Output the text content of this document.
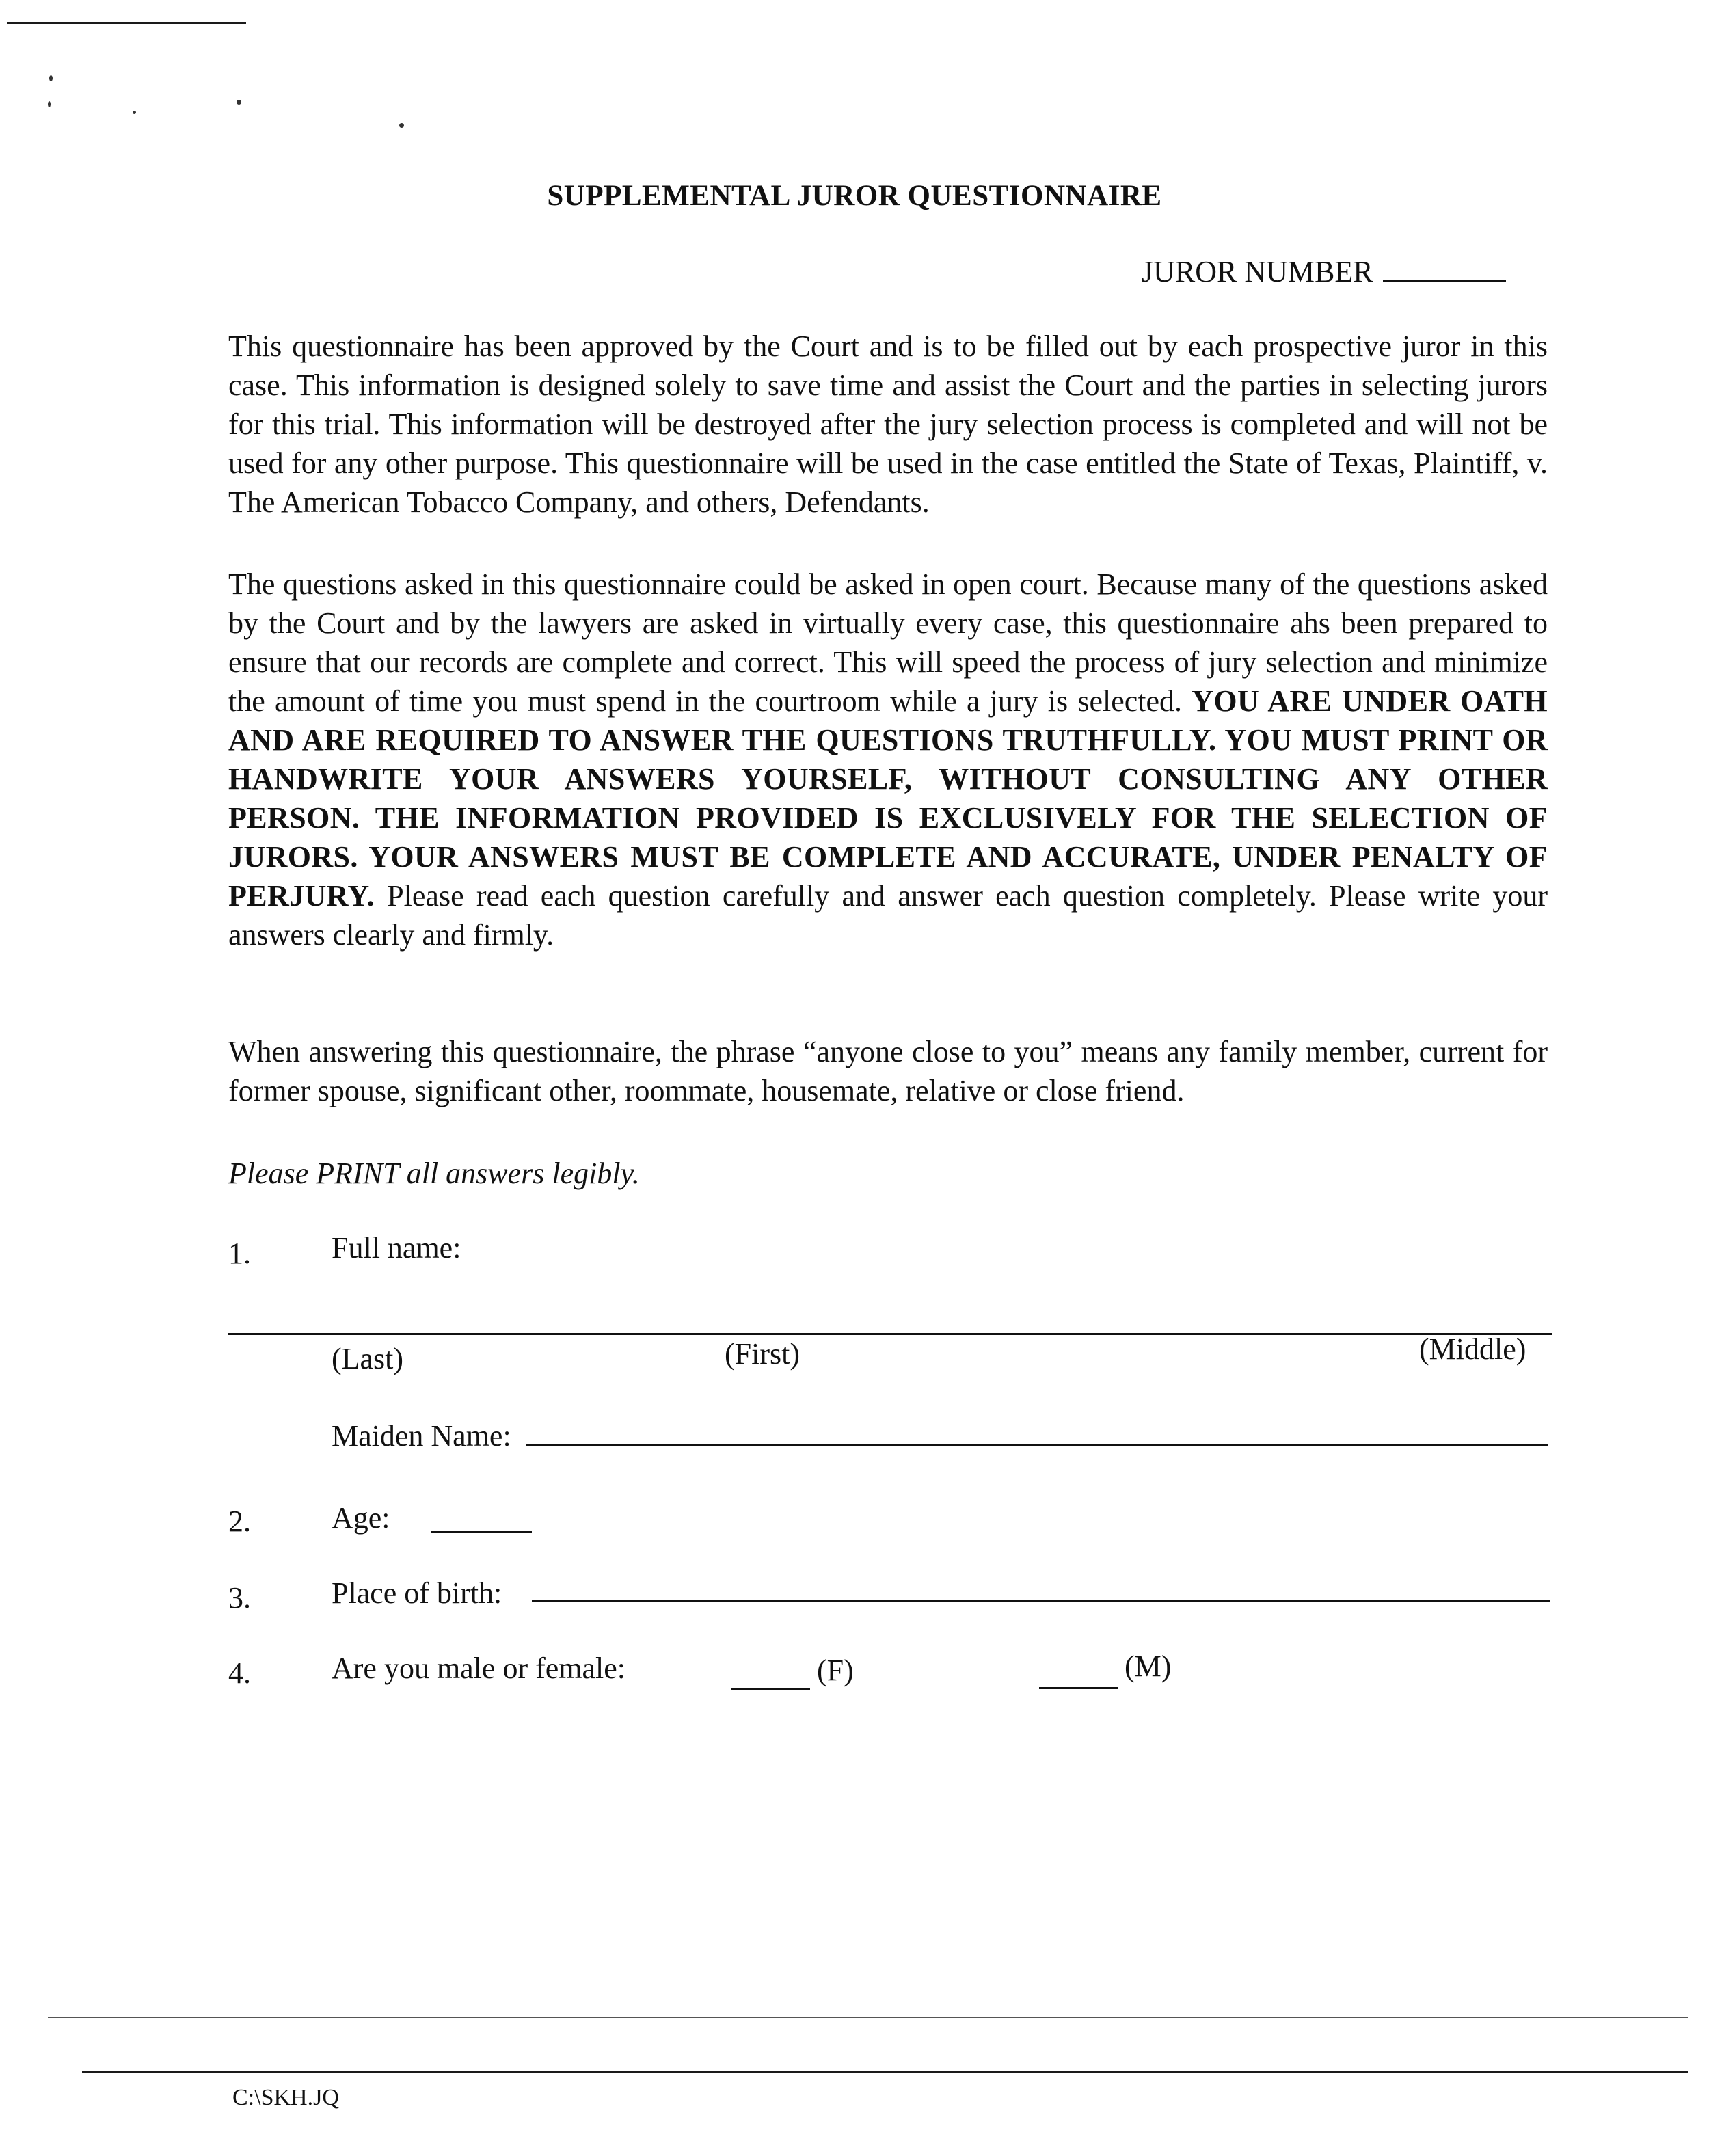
SUPPLEMENTAL JUROR QUESTIONNAIRE
JUROR NUMBER

This questionnaire has been approved by the Court and is to be filled out by each prospective juror in this case. This information is designed solely to save time and assist the Court and the parties in selecting jurors for this trial. This information will be destroyed after the jury selection process is completed and will not be used for any other purpose. This questionnaire will be used in the case entitled the State of Texas, Plaintiff, v. The American Tobacco Company, and others, Defendants.

The questions asked in this questionnaire could be asked in open court. Because many of the questions asked by the Court and by the lawyers are asked in virtually every case, this questionnaire ahs been prepared to ensure that our records are complete and correct. This will speed the process of jury selection and minimize the amount of time you must spend in the courtroom while a jury is selected. YOU ARE UNDER OATH AND ARE REQUIRED TO ANSWER THE QUESTIONS TRUTHFULLY. YOU MUST PRINT OR HANDWRITE YOUR ANSWERS YOURSELF, WITHOUT CONSULTING ANY OTHER PERSON. THE INFORMATION PROVIDED IS EXCLUSIVELY FOR THE SELECTION OF JURORS. YOUR ANSWERS MUST BE COMPLETE AND ACCURATE, UNDER PENALTY OF PERJURY. Please read each question carefully and answer each question completely. Please write your answers clearly and firmly.

When answering this questionnaire, the phrase “anyone close to you” means any family member, current for former spouse, significant other, roommate, housemate, relative or close friend.

Please PRINT all answers legibly.

1.	Full name:
(Last)	(First)	(Middle)
Maiden Name:
2.	Age:
3.	Place of birth:
4.	Are you male or female:	(F)	(M)
C:\SKH.JQ
